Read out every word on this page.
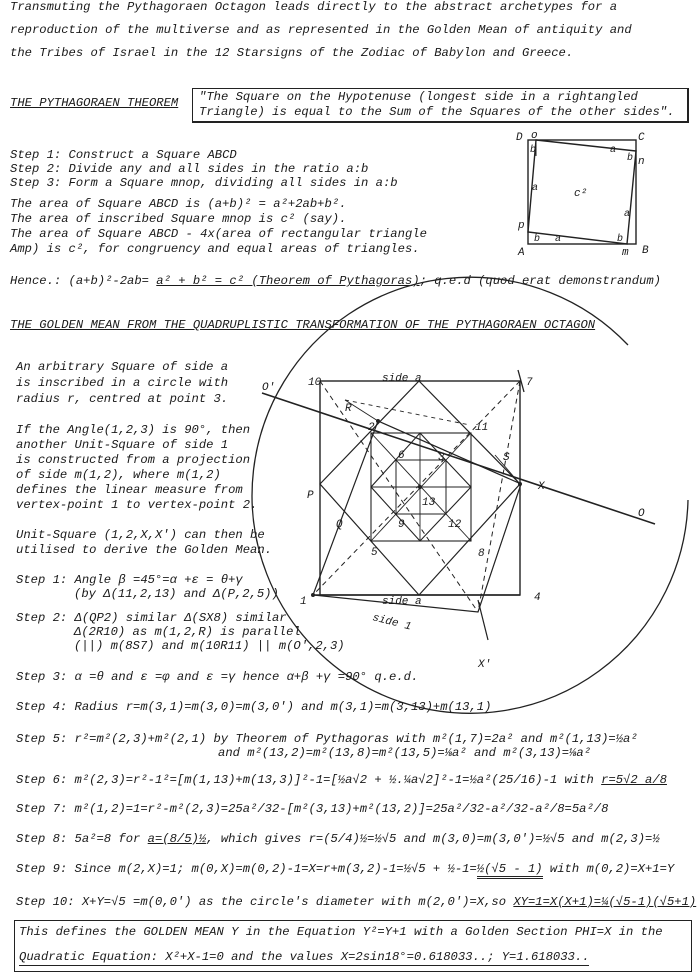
Transmuting the Pythagoraen Octagon leads directly to the abstract archetypes for a
reproduction of the multiverse and as represented in the Golden Mean of antiquity and
the Tribes of Israel in the 12 Starsigns of the Zodiac of Babylon and Greece.
THE PYTHAGORAEN THEOREM "The Square on the Hypotenuse (longest side in a rightangled
Triangle) is equal to the Sum of the Squares of the other sides".
Step 1: Construct a Square ABCD
Step 2: Divide any and all sides in the ratio a:b
Step 3: Form a Square mnop, dividing all sides in a:b
The area of Square ABCD is (a+b)² = a²+2ab+b².
The area of inscribed Square mnop is c² (say).
The area of Square ABCD - 4x(area of rectangular triangle
Amp) is c², for congruency and equal areas of triangles.
Hence.: (a+b)²-2ab= a² + b² = c² (Theorem of Pythagoras); q.e.d (quod erat demonstrandum)
D o	C
n
p
A	m B
b	a
b
a
a
b a	b
c²
THE GOLDEN MEAN FROM THE QUADRUPLISTIC TRANSFORMATION OF THE PYTHAGORAEN OCTAGON
An arbitrary Square of side a
is inscribed in a circle with
radius r, centred at point 3.
If the Angle(1,2,3) is 90°, then
another Unit-Square of side 1
is constructed from a projection
of side m(1,2), where m(1,2)
defines the linear measure from
vertex-point 1 to vertex-point 2.
Unit-Square (1,2,X,X') can then be
utilised to derive the Golden Mean.
Step 1: Angle β =45°=α +ε = θ+γ
(by Δ(11,2,13) and Δ(P,2,5))
Step 2: Δ(QP2) similar Δ(SX8) similar
Δ(2R10) as m(1,2,R) is parallel
(||) m(8S7) and m(10R11) || m(O',2,3)
10	7
11
2
3
6
13
9	12
5	8
1	4
O'
O
X
X'
P
Q
R
S
side a
side a
side 1
Step 3: α =θ and ε =φ and ε =γ hence α+β +γ =90° q.e.d.
Step 4: Radius r=m(3,1)=m(3,0)=m(3,0') and m(3,1)=m(3,13)+m(13,1)
Step 5: r²=m²(2,3)+m²(2,1) by Theorem of Pythagoras with m²(1,7)=2a² and m²(1,13)=½a²
and m²(13,2)=m²(13,8)=m²(13,5)=⅛a² and m²(3,13)=⅛a²
Step 6: m²(2,3)=r²-1²=[m(1,13)+m(13,3)]²-1=[½a√2 + ½.¼a√2]²-1=½a²(25/16)-1 with r=5√2 a/8
Step 7: m²(1,2)=1=r²-m²(2,3)=25a²/32-[m²(3,13)+m²(13,2)]=25a²/32-a²/32-a²/8=5a²/8
Step 8: 5a²=8 for a=(8/5)½, which gives r=(5/4)½=½√5 and m(3,0)=m(3,0')=½√5 and m(2,3)=½
Step 9: Since m(2,X)=1; m(0,X)=m(0,2)-1=X=r+m(3,2)-1=½√5 + ½-1=½(√5 - 1) with m(0,2)=X+1=Y
Step 10: X+Y=√5 =m(0,0') as the circle's diameter with m(2,0')=X,so XY=1=X(X+1)=¼(√5-1)(√5+1)
This defines the GOLDEN MEAN Y in the Equation Y²=Y+1 with a Golden Section PHI=X in the
Quadratic Equation: X²+X-1=0 and the values X=2sin18°=0.618033..; Y=1.618033..
